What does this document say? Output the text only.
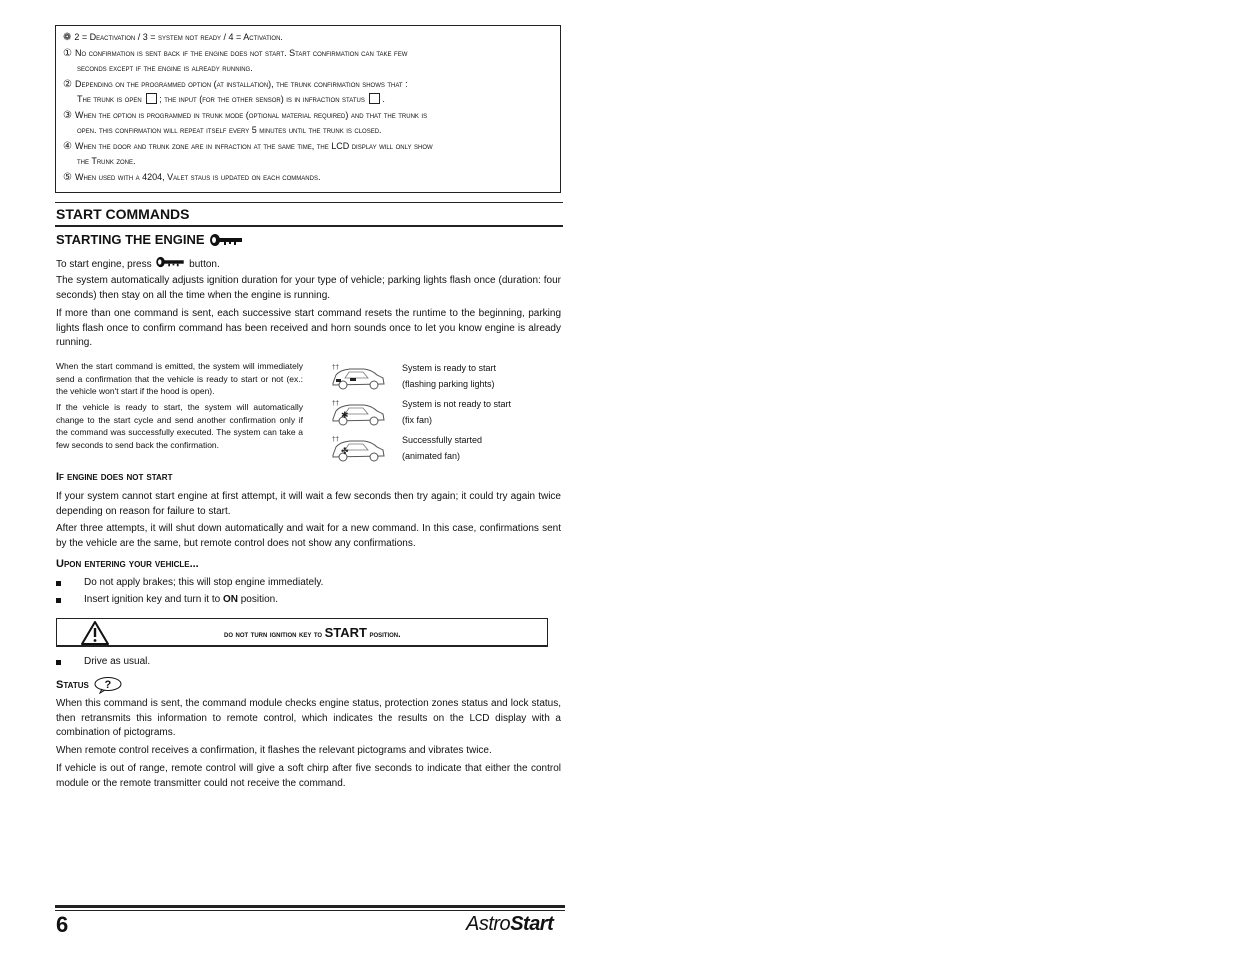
❁ 2 = Deactivation / 3 = system not ready / 4 = Activation.
① No confirmation is sent back if the engine does not start. Start confirmation can take few
seconds except if the engine is already running.
② Depending on the programmed option (at installation), the trunk confirmation shows that :
The trunk is open ; the input (for the other sensor) is in infraction status .
③ When the option is programmed in trunk mode (optional material required) and that the trunk is
open. this confirmation will repeat itself every 5 minutes until the trunk is closed.
④ When the door and trunk zone are in infraction at the same time, the LCD display will only show
the Trunk zone.
⑤ When used with a 4204, Valet staus is updated on each commands.
START COMMANDS
STARTING THE ENGINE
To start engine, press	button.
The system automatically adjusts ignition duration for your type of vehicle; parking lights flash once (duration: four seconds) then stay on all the time when the engine is running.
If more than one command is sent, each successive start command resets the runtime to the beginning, parking lights flash once to confirm command has been received and horn sounds once to let you know engine is already running.
When the start command is emitted, the system will immediately send a confirmation that the vehicle is ready to start or not (ex.: the vehicle won't start if the hood is open).
If the vehicle is ready to start, the system will automatically change to the start cycle and send another confirmation only if the command was successfully executed. The system can take a few seconds to send back the confirmation.
††	System is ready to start
(flashing parking lights)
✱
††	System is not ready to start
(fix fan)
✤
††	Successfully started
(animated fan)
If engine does not start
If your system cannot start engine at first attempt, it will wait a few seconds then try again; it could try again twice depending on reason for failure to start.
After three attempts, it will shut down automatically and wait for a new command. In this case, confirmations sent by the vehicle are the same, but remote control does not show any confirmations.
Upon entering your vehicle...
Do not apply brakes; this will stop engine immediately.
Insert ignition key and turn it to ON position.
do not turn ignition key to START position.
Drive as usual.
Status ?
When this command is sent, the command module checks engine status, protection zones status and lock status, then retransmits this information to remote control, which indicates the results on the LCD display with a combination of pictograms.
When remote control receives a confirmation, it flashes the relevant pictograms and vibrates twice.
If vehicle is out of range, remote control will give a soft chirp after five seconds to indicate that either the control module or the remote transmitter could not receive the command.
6	AstroStart
